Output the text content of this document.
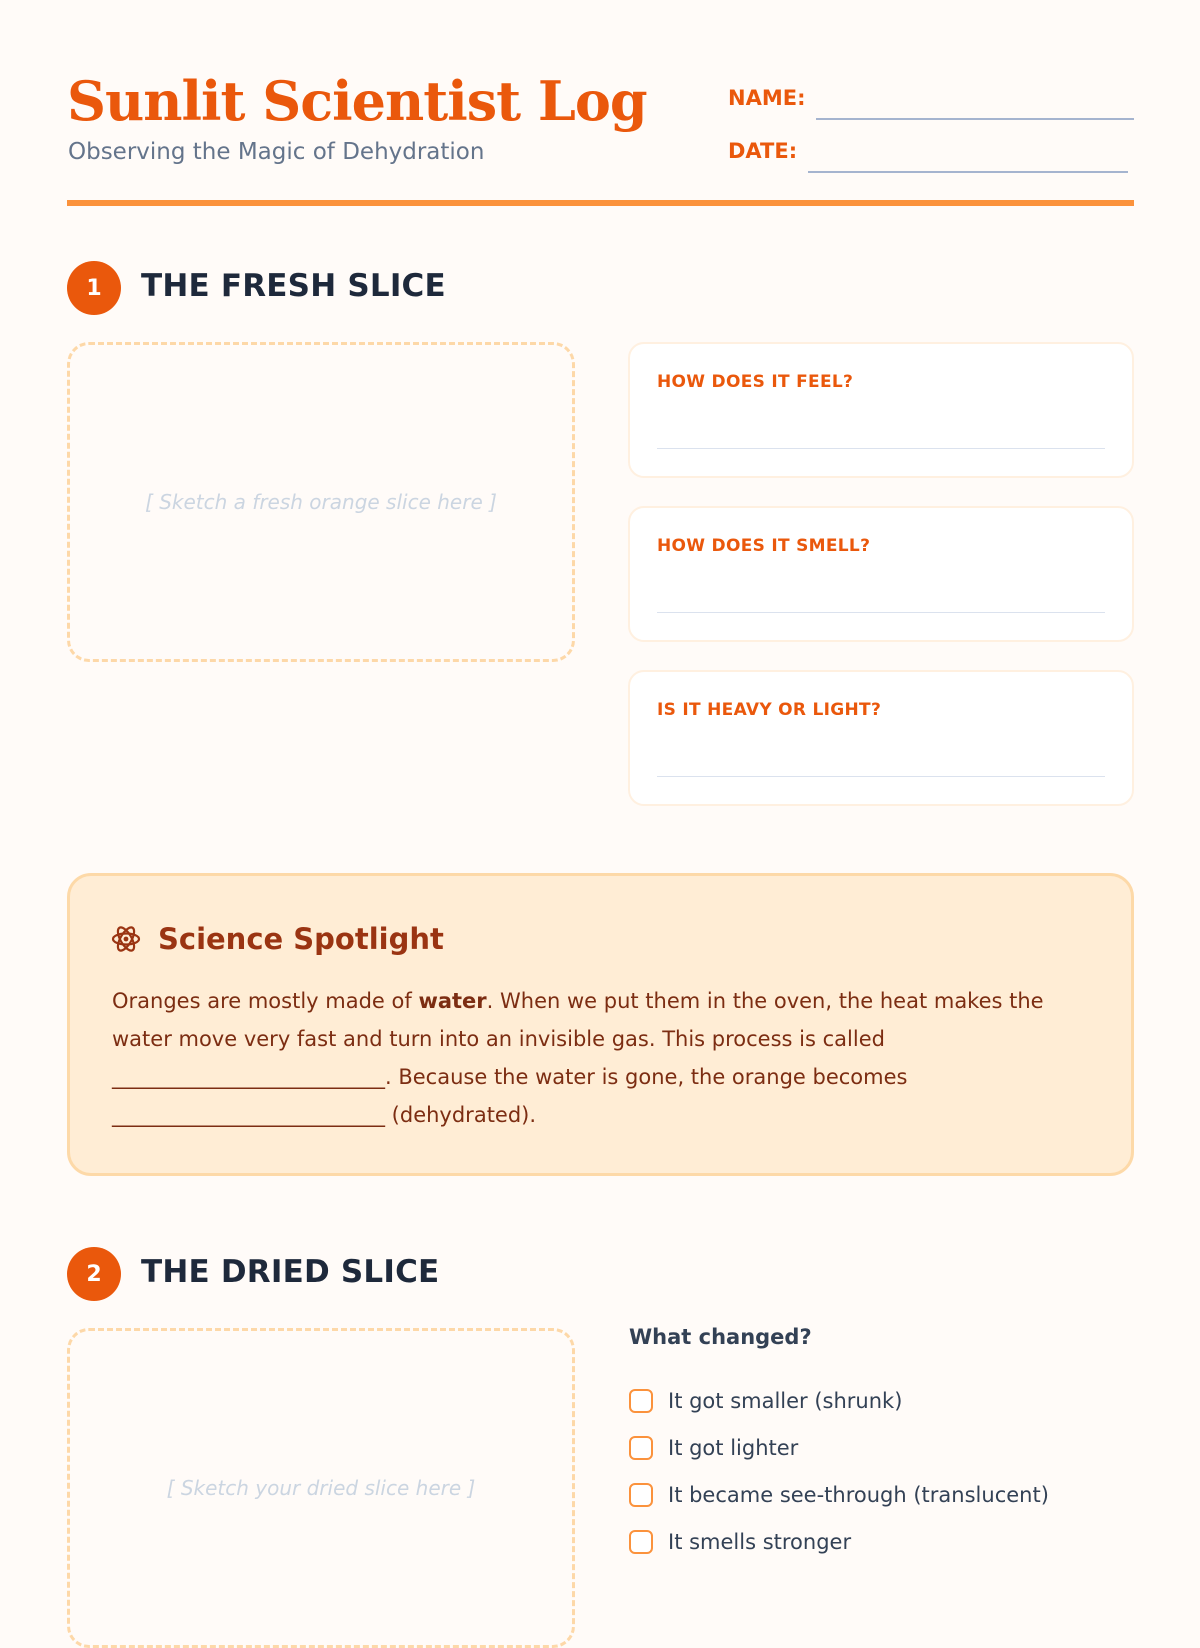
Sunlit Scientist Log
Observing the Magic of Dehydration
NAME:
DATE:
1	THE FRESH SLICE
[ Sketch a fresh orange slice here ]
HOW DOES IT FEEL?
HOW DOES IT SMELL?
IS IT HEAVY OR LIGHT?
Science Spotlight
Oranges are mostly made of water. When we put them in the oven, the heat makes the water move very fast and turn into an invisible gas. This process is called __________________________. Because the water is gone, the orange becomes __________________________ (dehydrated).
2	THE DRIED SLICE
[ Sketch your dried slice here ]
What changed?
It got smaller (shrunk)
It got lighter
It became see-through (translucent)
It smells stronger
